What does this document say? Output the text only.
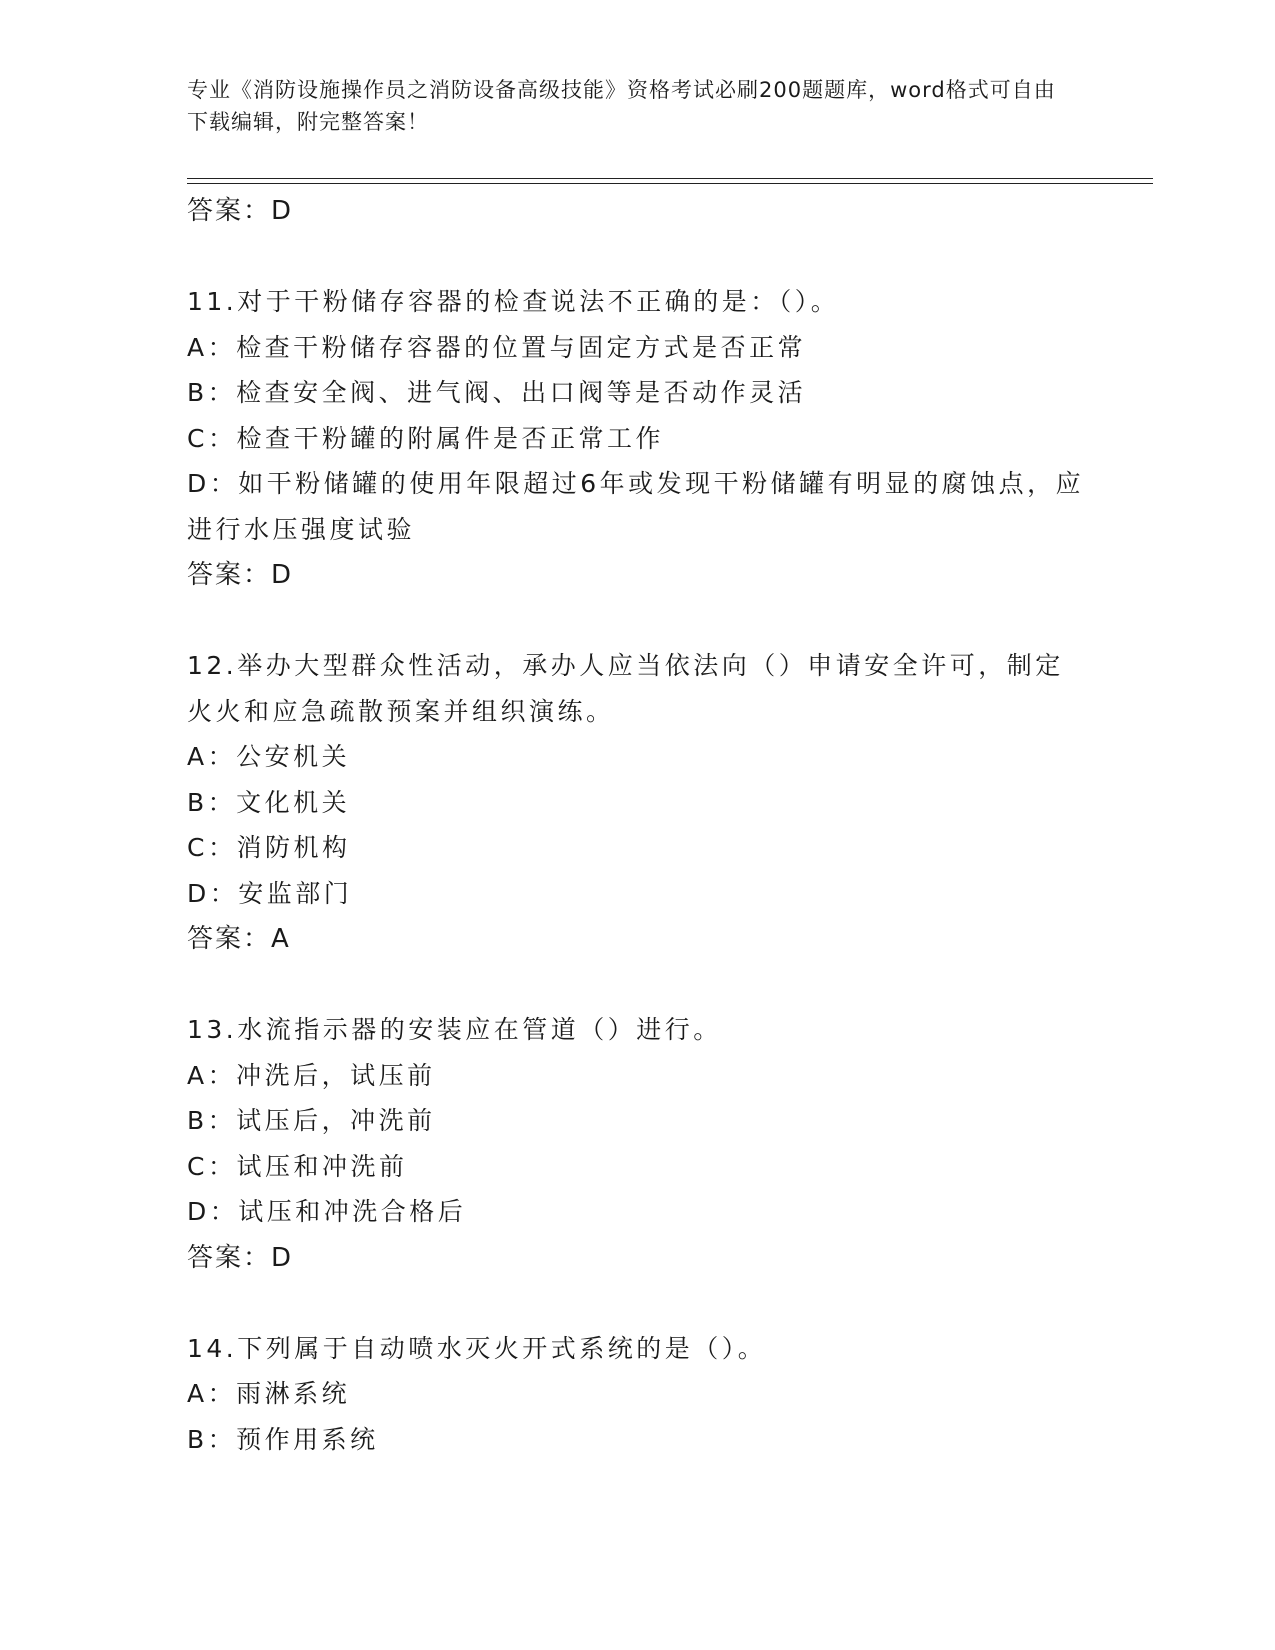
专业《消防设施操作员之消防设备高级技能》资格考试必刷200题题库，word格式可自由下载编辑，附完整答案！
答案：D
11.对于干粉储存容器的检查说法不正确的是：（）。
A：检查干粉储存容器的位置与固定方式是否正常
B：检查安全阀、进气阀、出口阀等是否动作灵活
C：检查干粉罐的附属件是否正常工作
D：如干粉储罐的使用年限超过6年或发现干粉储罐有明显的腐蚀点，应进行水压强度试验
答案：D
12.举办大型群众性活动，承办人应当依法向（）申请安全许可，制定火火和应急疏散预案并组织演练。
A：公安机关
B：文化机关
C：消防机构
D：安监部门
答案：A
13.水流指示器的安装应在管道（）进行。
A：冲洗后，试压前
B：试压后，冲洗前
C：试压和冲洗前
D：试压和冲洗合格后
答案：D
14.下列属于自动喷水灭火开式系统的是（）。
A：雨淋系统
B：预作用系统
